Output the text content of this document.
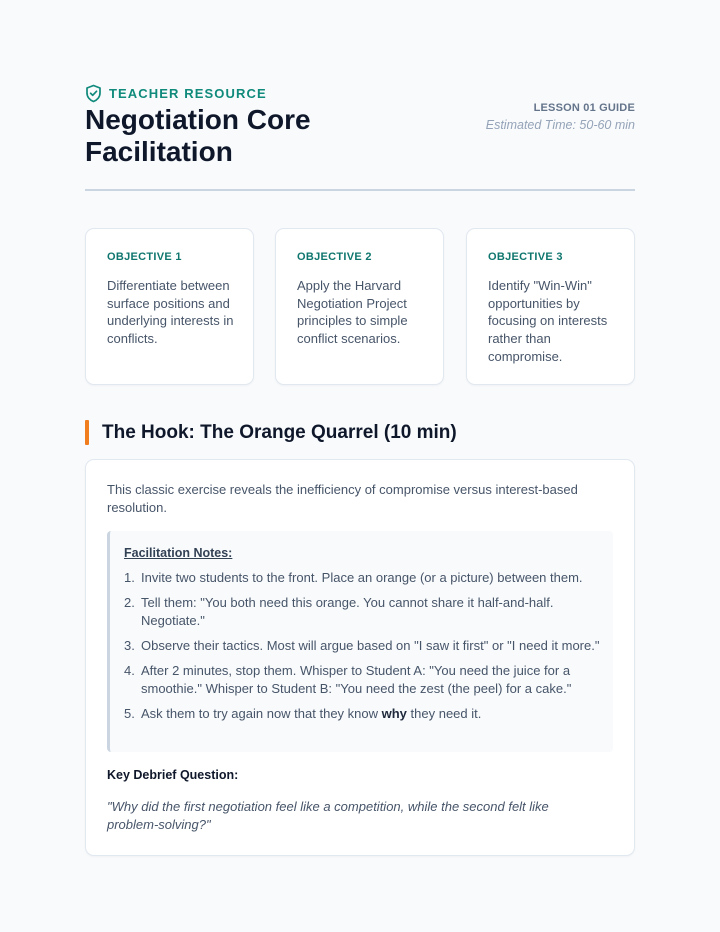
TEACHER RESOURCE
Negotiation Core Facilitation
LESSON 01 GUIDE
Estimated Time: 50-60 min
OBJECTIVE 1
Differentiate between surface positions and underlying interests in conflicts.
OBJECTIVE 2
Apply the Harvard Negotiation Project principles to simple conflict scenarios.
OBJECTIVE 3
Identify "Win-Win" opportunities by focusing on interests rather than compromise.
The Hook: The Orange Quarrel (10 min)

This classic exercise reveals the inefficiency of compromise versus interest-based resolution.

Facilitation Notes:
1. Invite two students to the front. Place an orange (or a picture) between them.
2. Tell them: "You both need this orange. You cannot share it half-and-half. Negotiate."
3. Observe their tactics. Most will argue based on "I saw it first" or "I need it more."
4. After 2 minutes, stop them. Whisper to Student A: "You need the juice for a smoothie." Whisper to Student B: "You need the zest (the peel) for a cake."
5. Ask them to try again now that they know why they need it.
Key Debrief Question:

"Why did the first negotiation feel like a competition, while the second felt like problem-solving?"
